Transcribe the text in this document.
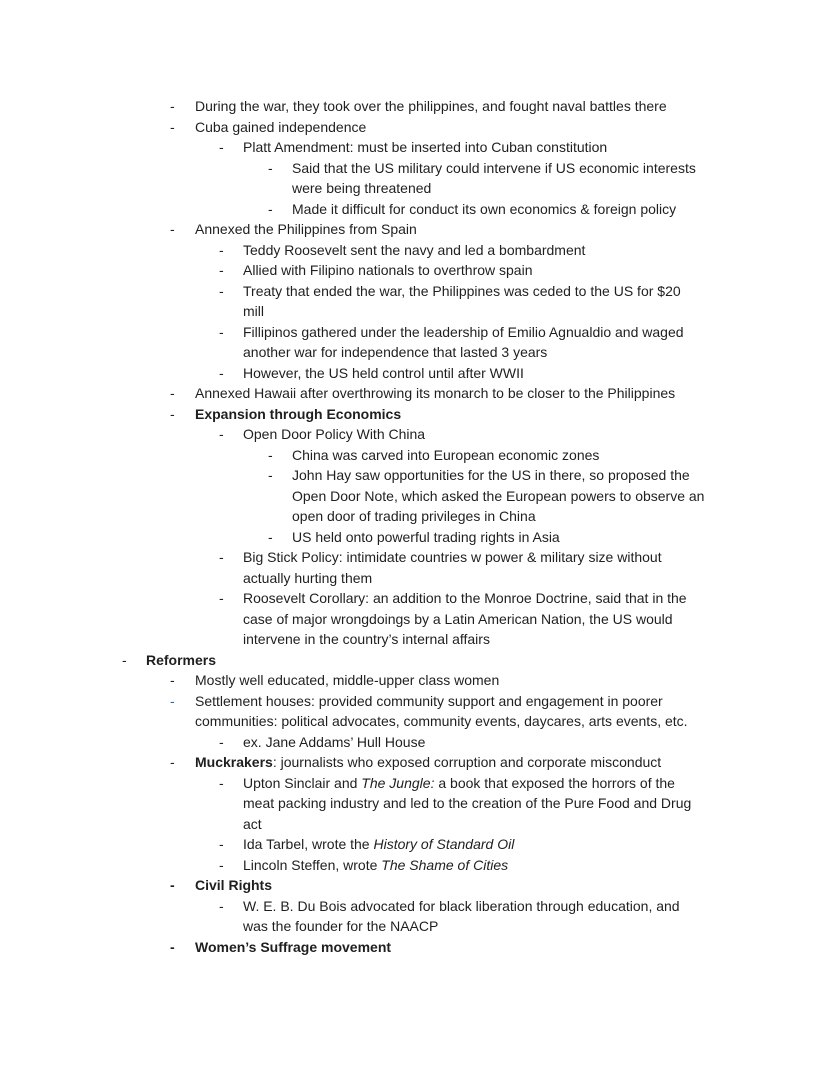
- During the war, they took over the philippines, and fought naval battles there
- Cuba gained independence
- Platt Amendment: must be inserted into Cuban constitution
- Said that the US military could intervene if US economic interests
were being threatened
- Made it difficult for conduct its own economics & foreign policy
- Annexed the Philippines from Spain
- Teddy Roosevelt sent the navy and led a bombardment
- Allied with Filipino nationals to overthrow spain
- Treaty that ended the war, the Philippines was ceded to the US for $20
mill
- Fillipinos gathered under the leadership of Emilio Agnualdio and waged
another war for independence that lasted 3 years
- However, the US held control until after WWII
- Annexed Hawaii after overthrowing its monarch to be closer to the Philippines
- Expansion through Economics
- Open Door Policy With China
- China was carved into European economic zones
- John Hay saw opportunities for the US in there, so proposed the
Open Door Note, which asked the European powers to observe an
open door of trading privileges in China
- US held onto powerful trading rights in Asia
- Big Stick Policy: intimidate countries w power & military size without
actually hurting them
- Roosevelt Corollary: an addition to the Monroe Doctrine, said that in the
case of major wrongdoings by a Latin American Nation, the US would
intervene in the country’s internal affairs
- Reformers
- Mostly well educated, middle-upper class women
- Settlement houses: provided community support and engagement in poorer
communities: political advocates, community events, daycares, arts events, etc.
- ex. Jane Addams’ Hull House
- Muckrakers: journalists who exposed corruption and corporate misconduct
- Upton Sinclair and The Jungle: a book that exposed the horrors of the
meat packing industry and led to the creation of the Pure Food and Drug
act
- Ida Tarbel, wrote the History of Standard Oil
- Lincoln Steffen, wrote The Shame of Cities
- Civil Rights
- W. E. B. Du Bois advocated for black liberation through education, and
was the founder for the NAACP
- Women’s Suffrage movement
